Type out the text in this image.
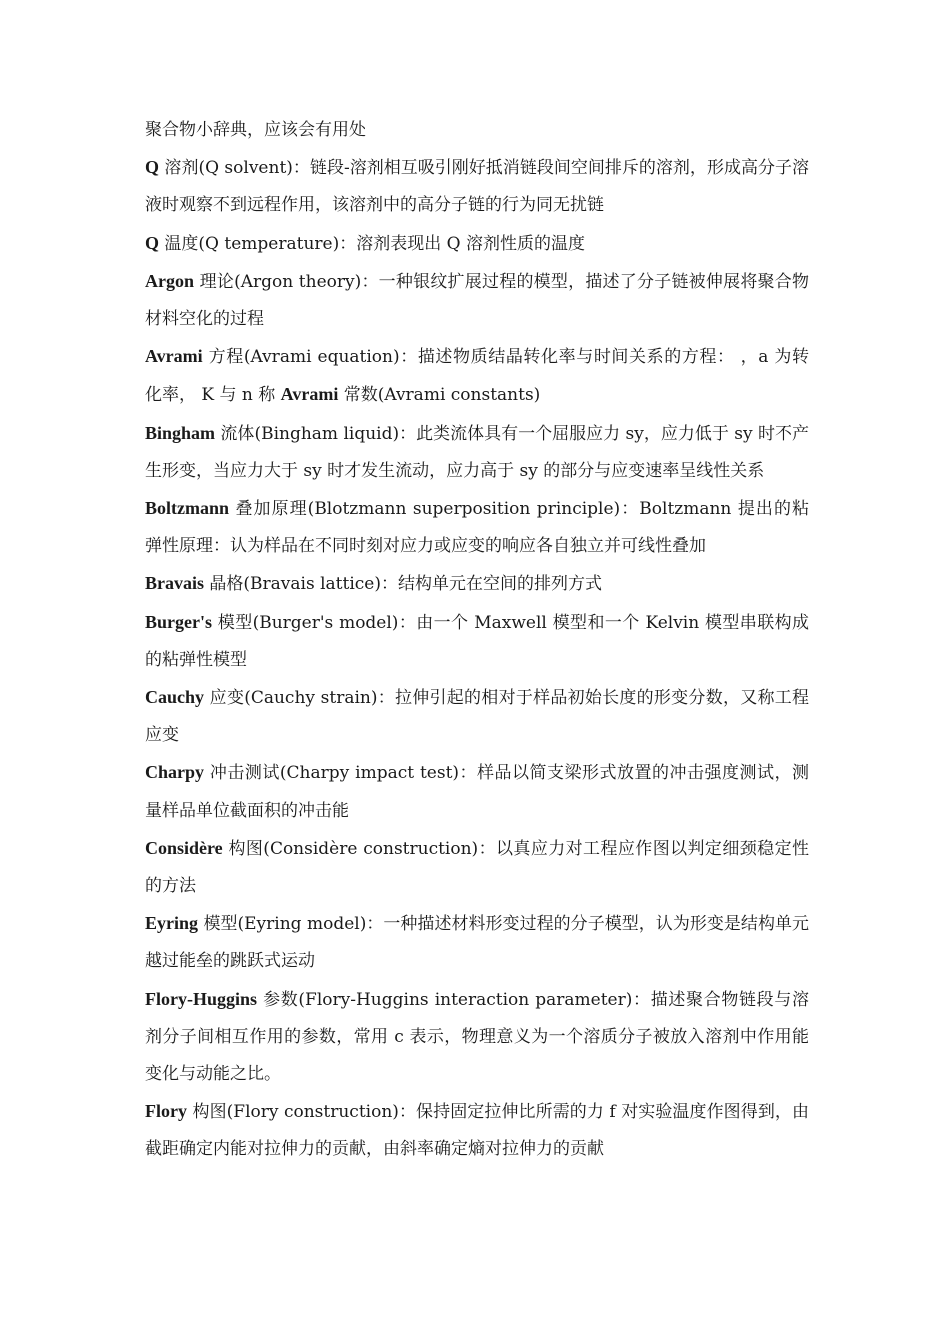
聚合物小辞典，应该会有用处

Q 溶剂(Q solvent)：链段-溶剂相互吸引刚好抵消链段间空间排斥的溶剂，形成高分子溶液时观察不到远程作用，该溶剂中的高分子链的行为同无扰链

Q 温度(Q temperature)：溶剂表现出 Q 溶剂性质的温度

Argon 理论(Argon theory)：一种银纹扩展过程的模型，描述了分子链被伸展将聚合物材料空化的过程

Avrami 方程(Avrami equation)：描述物质结晶转化率与时间关系的方程： ，a 为转化率， K 与 n 称 Avrami 常数(Avrami constants)

Bingham 流体(Bingham liquid)：此类流体具有一个屈服应力 sy，应力低于 sy 时不产生形变，当应力大于 sy 时才发生流动，应力高于 sy 的部分与应变速率呈线性关系

Boltzmann 叠加原理(Blotzmann superposition principle)：Boltzmann 提出的粘弹性原理：认为样品在不同时刻对应力或应变的响应各自独立并可线性叠加

Bravais 晶格(Bravais lattice)：结构单元在空间的排列方式

Burger's 模型(Burger's model)：由一个 Maxwell 模型和一个 Kelvin 模型串联构成的粘弹性模型

Cauchy 应变(Cauchy strain)：拉伸引起的相对于样品初始长度的形变分数，又称工程应变

Charpy 冲击测试(Charpy impact test)：样品以简支梁形式放置的冲击强度测试，测量样品单位截面积的冲击能

Considère 构图(Considère construction)：以真应力对工程应作图以判定细颈稳定性的方法

Eyring 模型(Eyring model)：一种描述材料形变过程的分子模型，认为形变是结构单元越过能垒的跳跃式运动

Flory-Huggins 参数(Flory-Huggins interaction parameter)：描述聚合物链段与溶剂分子间相互作用的参数，常用 c 表示，物理意义为一个溶质分子被放入溶剂中作用能变化与动能之比。

Flory 构图(Flory construction)：保持固定拉伸比所需的力 f 对实验温度作图得到，由截距确定内能对拉伸力的贡献，由斜率确定熵对拉伸力的贡献
